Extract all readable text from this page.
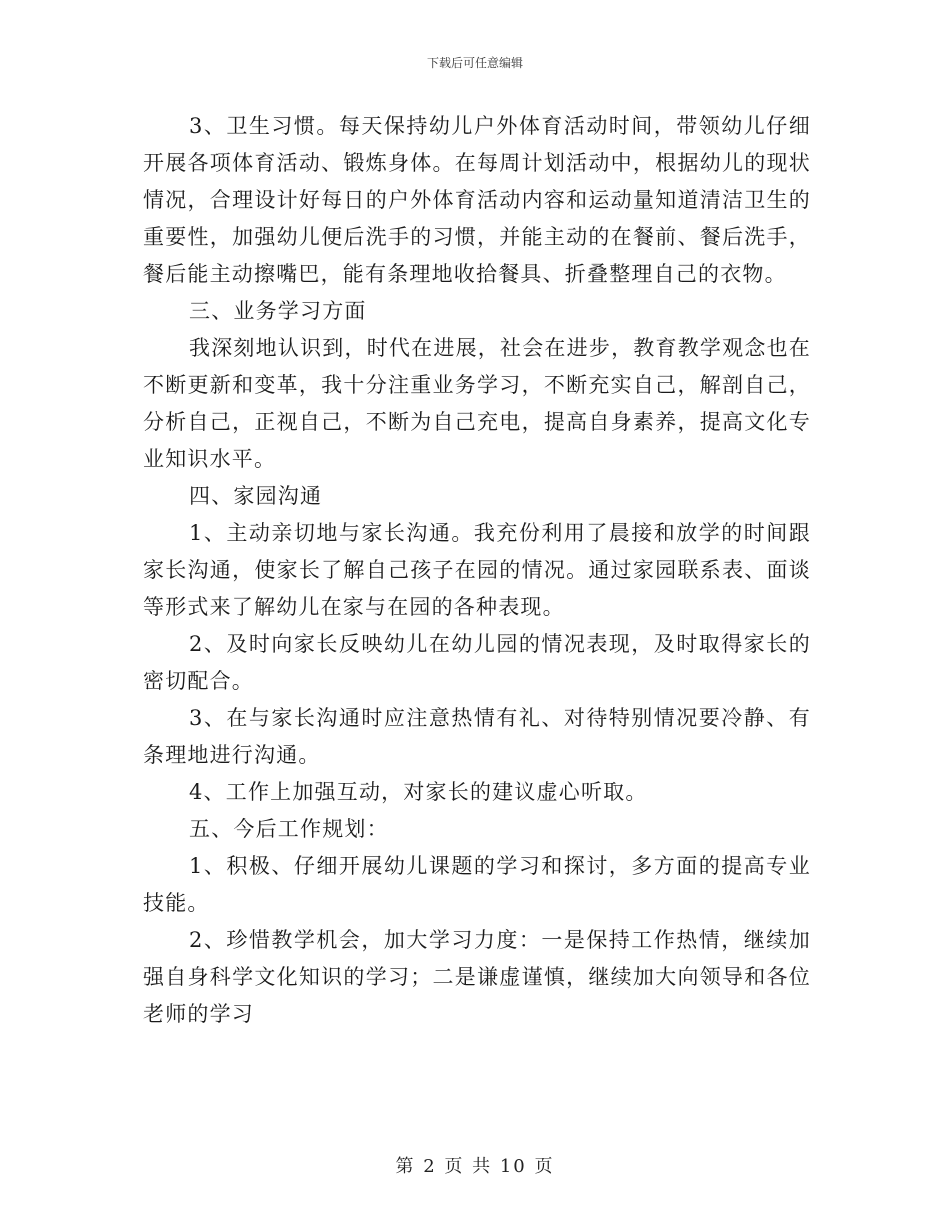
下载后可任意编辑

3、卫生习惯。每天保持幼儿户外体育活动时间，带领幼儿仔细开展各项体育活动、锻炼身体。在每周计划活动中，根据幼儿的现状情况，合理设计好每日的户外体育活动内容和运动量知道清洁卫生的重要性，加强幼儿便后洗手的习惯，并能主动的在餐前、餐后洗手，餐后能主动擦嘴巴，能有条理地收拾餐具、折叠整理自己的衣物。

三、业务学习方面

我深刻地认识到，时代在进展，社会在进步，教育教学观念也在不断更新和变革，我十分注重业务学习，不断充实自己，解剖自己，分析自己，正视自己，不断为自己充电，提高自身素养，提高文化专业知识水平。

四、家园沟通

1、主动亲切地与家长沟通。我充份利用了晨接和放学的时间跟家长沟通，使家长了解自己孩子在园的情况。通过家园联系表、面谈等形式来了解幼儿在家与在园的各种表现。

2、及时向家长反映幼儿在幼儿园的情况表现，及时取得家长的密切配合。

3、在与家长沟通时应注意热情有礼、对待特别情况要冷静、有条理地进行沟通。

4、工作上加强互动，对家长的建议虚心听取。

五、今后工作规划：

1、积极、仔细开展幼儿课题的学习和探讨，多方面的提高专业技能。

2、珍惜教学机会，加大学习力度：一是保持工作热情，继续加强自身科学文化知识的学习；二是谦虚谨慎，继续加大向领导和各位老师的学习

第 2 页 共 10 页
